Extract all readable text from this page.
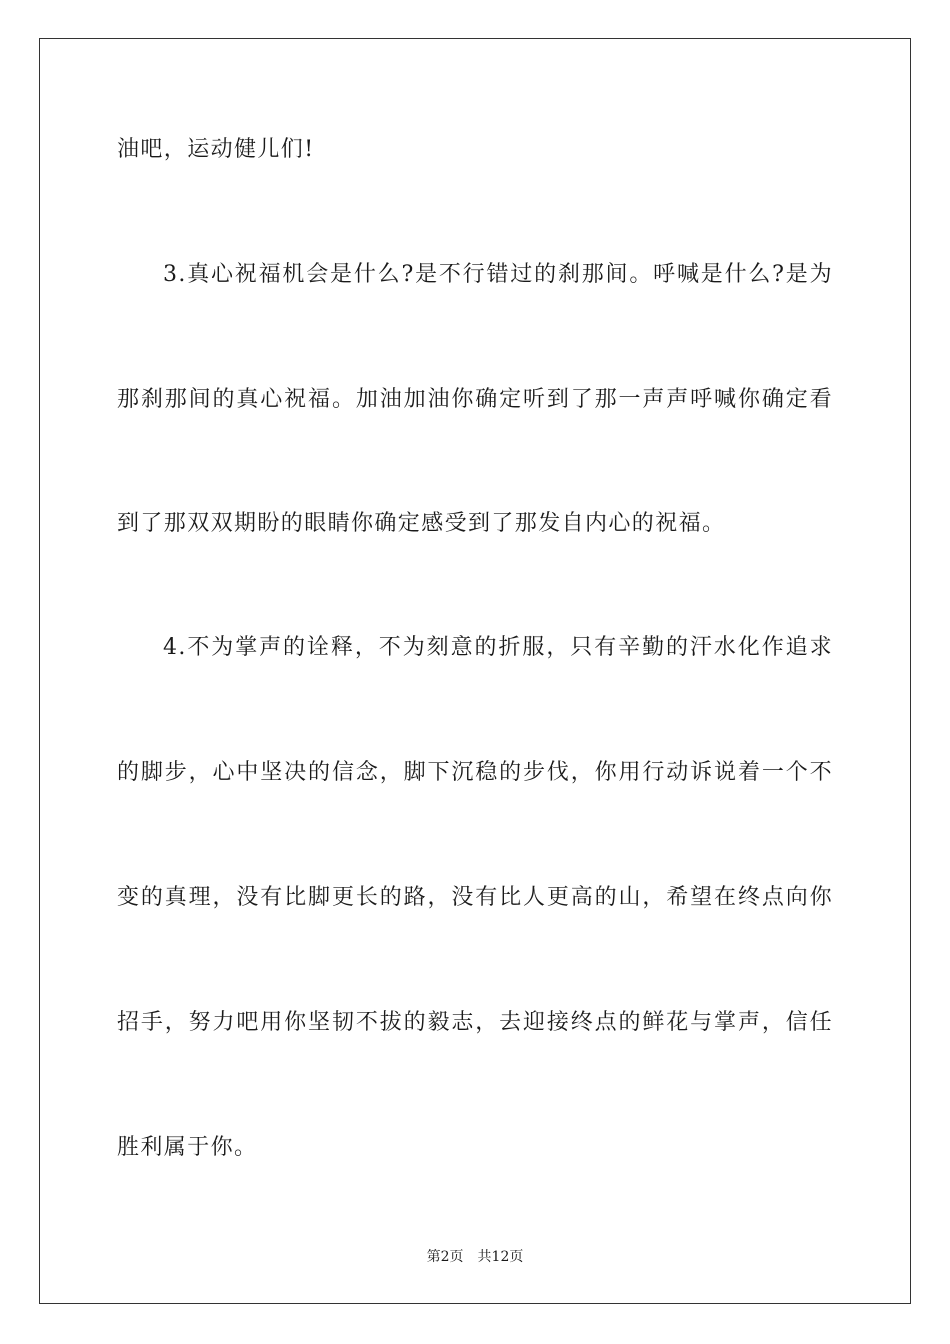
油吧，运动健儿们!
3.真心祝福机会是什么?是不行错过的刹那间。呼喊是什么?是为
那刹那间的真心祝福。加油加油你确定听到了那一声声呼喊你确定看
到了那双双期盼的眼睛你确定感受到了那发自内心的祝福。
4.不为掌声的诠释，不为刻意的折服，只有辛勤的汗水化作追求
的脚步，心中坚决的信念，脚下沉稳的步伐，你用行动诉说着一个不
变的真理，没有比脚更长的路，没有比人更高的山，希望在终点向你
招手，努力吧用你坚韧不拔的毅志，去迎接终点的鲜花与掌声，信任
胜利属于你。
第2页　共12页
